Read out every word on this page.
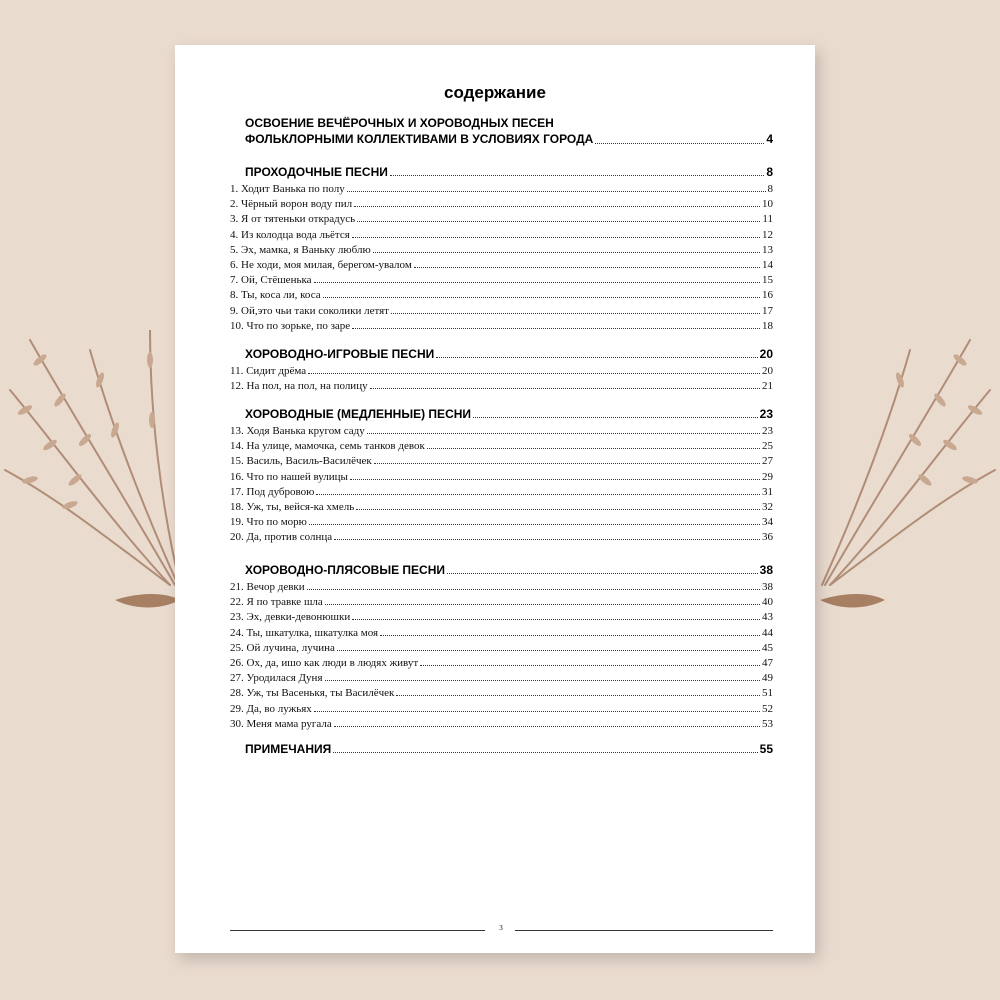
содержание
ОСВОЕНИЕ ВЕЧЁРОЧНЫХ И ХОРОВОДНЫХ ПЕСЕН
ФОЛЬКЛОРНЫМИ КОЛЛЕКТИВАМИ В УСЛОВИЯХ ГОРОДА	4
ПРОХОДОЧНЫЕ ПЕСНИ	8
1. Ходит Ванька по полу	8
2. Чёрный ворон воду пил	10
3. Я от тятеньки открадусь	11
4. Из колодца вода льётся	12
5. Эх, мамка, я Ваньку люблю	13
6. Не ходи, моя милая, берегом-увалом	14
7. Ой, Стёшенька	15
8. Ты, коса ли, коса	16
9. Ой,это чьи таки соколики летят	17
10. Что по зорьке, по заре	18
ХОРОВОДНО-ИГРОВЫЕ ПЕСНИ	20
11. Сидит дрёма	20
12. На пол, на пол, на полицу	21
ХОРОВОДНЫЕ (МЕДЛЕННЫЕ) ПЕСНИ	23
13. Ходя Ванька кругом саду	23
14. На улице, мамочка, семь танков девок	25
15. Василь, Василь-Василёчек	27
16. Что по нашей вулицы	29
17. Под дубровою	31
18. Уж, ты, вейся-ка хмель	32
19. Что по морю	34
20. Да, против солнца	36
ХОРОВОДНО-ПЛЯСОВЫЕ ПЕСНИ	38
21. Вечор девки	38
22. Я по травке шла	40
23. Эх, девки-девонюшки	43
24. Ты, шкатулка, шкатулка моя	44
25. Ой лучина, лучина	45
26. Ох, да, ишо как люди в людях живут	47
27. Уродилася Дуня	49
28. Уж, ты Васенькя, ты Василёчек	51
29. Да, во лужьях	52
30. Меня мама ругала	53
ПРИМЕЧАНИЯ	55
3
